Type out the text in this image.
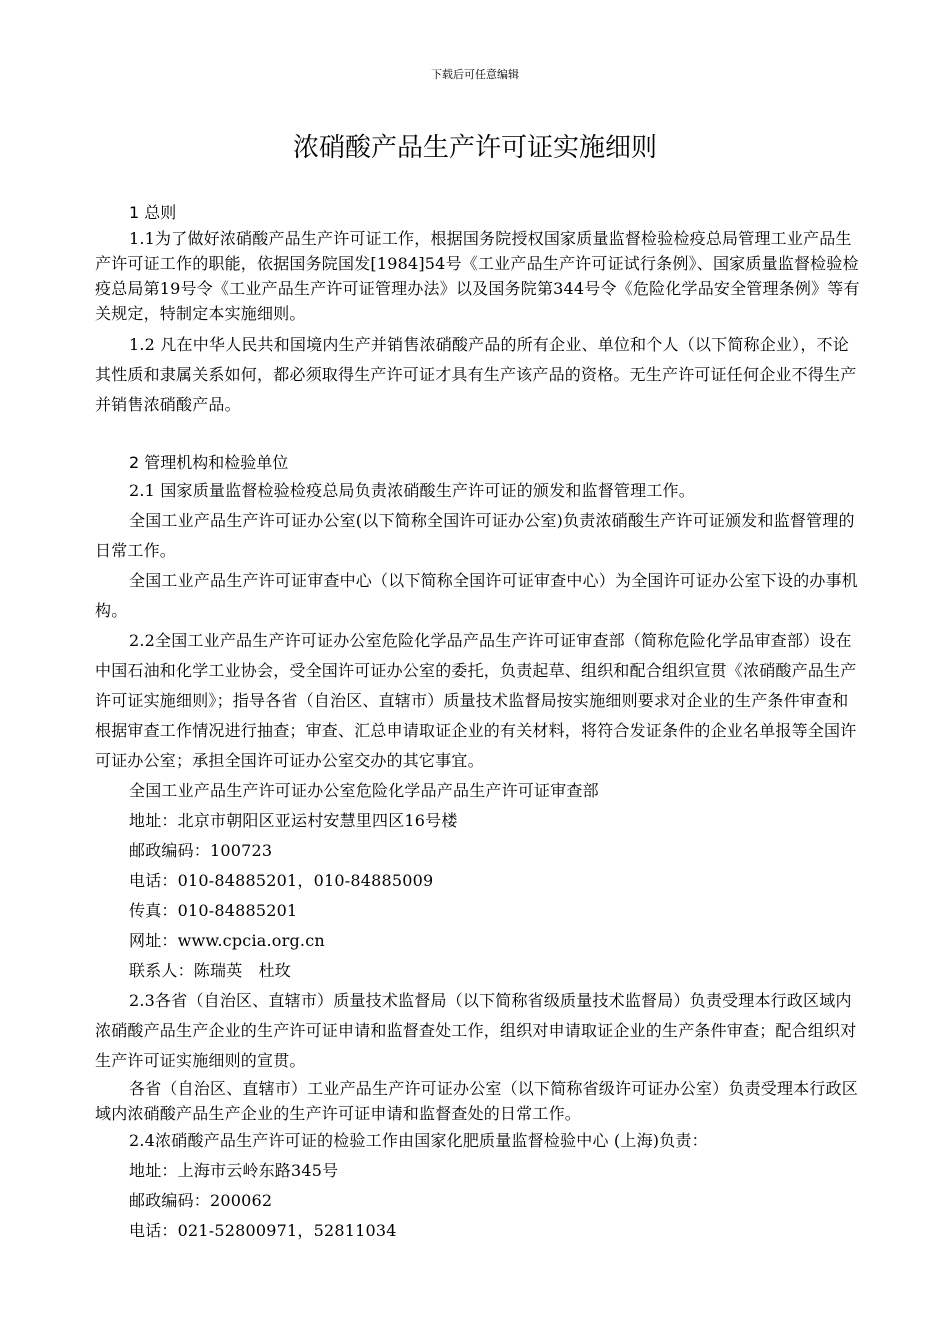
下载后可任意编辑
浓硝酸产品生产许可证实施细则
1 总则

1.1为了做好浓硝酸产品生产许可证工作，根据国务院授权国家质量监督检验检疫总局管理工业产品生产许可证工作的职能，依据国务院国发[1984]54号《工业产品生产许可证试行条例》、国家质量监督检验检疫总局第19号令《工业产品生产许可证管理办法》以及国务院第344号令《危险化学品安全管理条例》等有关规定，特制定本实施细则。

1.2 凡在中华人民共和国境内生产并销售浓硝酸产品的所有企业、单位和个人（以下简称企业），不论其性质和隶属关系如何，都必须取得生产许可证才具有生产该产品的资格。无生产许可证任何企业不得生产并销售浓硝酸产品。

2 管理机构和检验单位

2.1 国家质量监督检验检疫总局负责浓硝酸生产许可证的颁发和监督管理工作。

全国工业产品生产许可证办公室(以下简称全国许可证办公室)负责浓硝酸生产许可证颁发和监督管理的日常工作。

全国工业产品生产许可证审查中心（以下简称全国许可证审查中心）为全国许可证办公室下设的办事机构。

2.2全国工业产品生产许可证办公室危险化学品产品生产许可证审查部（简称危险化学品审查部）设在中国石油和化学工业协会，受全国许可证办公室的委托，负责起草、组织和配合组织宣贯《浓硝酸产品生产许可证实施细则》；指导各省（自治区、直辖市）质量技术监督局按实施细则要求对企业的生产条件审查和根据审查工作情况进行抽查；审查、汇总申请取证企业的有关材料，将符合发证条件的企业名单报等全国许可证办公室；承担全国许可证办公室交办的其它事宜。

全国工业产品生产许可证办公室危险化学品产品生产许可证审查部

地址：北京市朝阳区亚运村安慧里四区16号楼

邮政编码：100723

电话：010-84885201，010-84885009

传真：010-84885201

网址：www.cpcia.org.cn

联系人：陈瑞英　杜玫

2.3各省（自治区、直辖市）质量技术监督局（以下简称省级质量技术监督局）负责受理本行政区域内浓硝酸产品生产企业的生产许可证申请和监督查处工作，组织对申请取证企业的生产条件审查；配合组织对生产许可证实施细则的宣贯。

各省（自治区、直辖市）工业产品生产许可证办公室（以下简称省级许可证办公室）负责受理本行政区域内浓硝酸产品生产企业的生产许可证申请和监督查处的日常工作。

2.4浓硝酸产品生产许可证的检验工作由国家化肥质量监督检验中心 (上海)负责：

地址：上海市云岭东路345号

邮政编码：200062

电话：021-52800971，52811034
